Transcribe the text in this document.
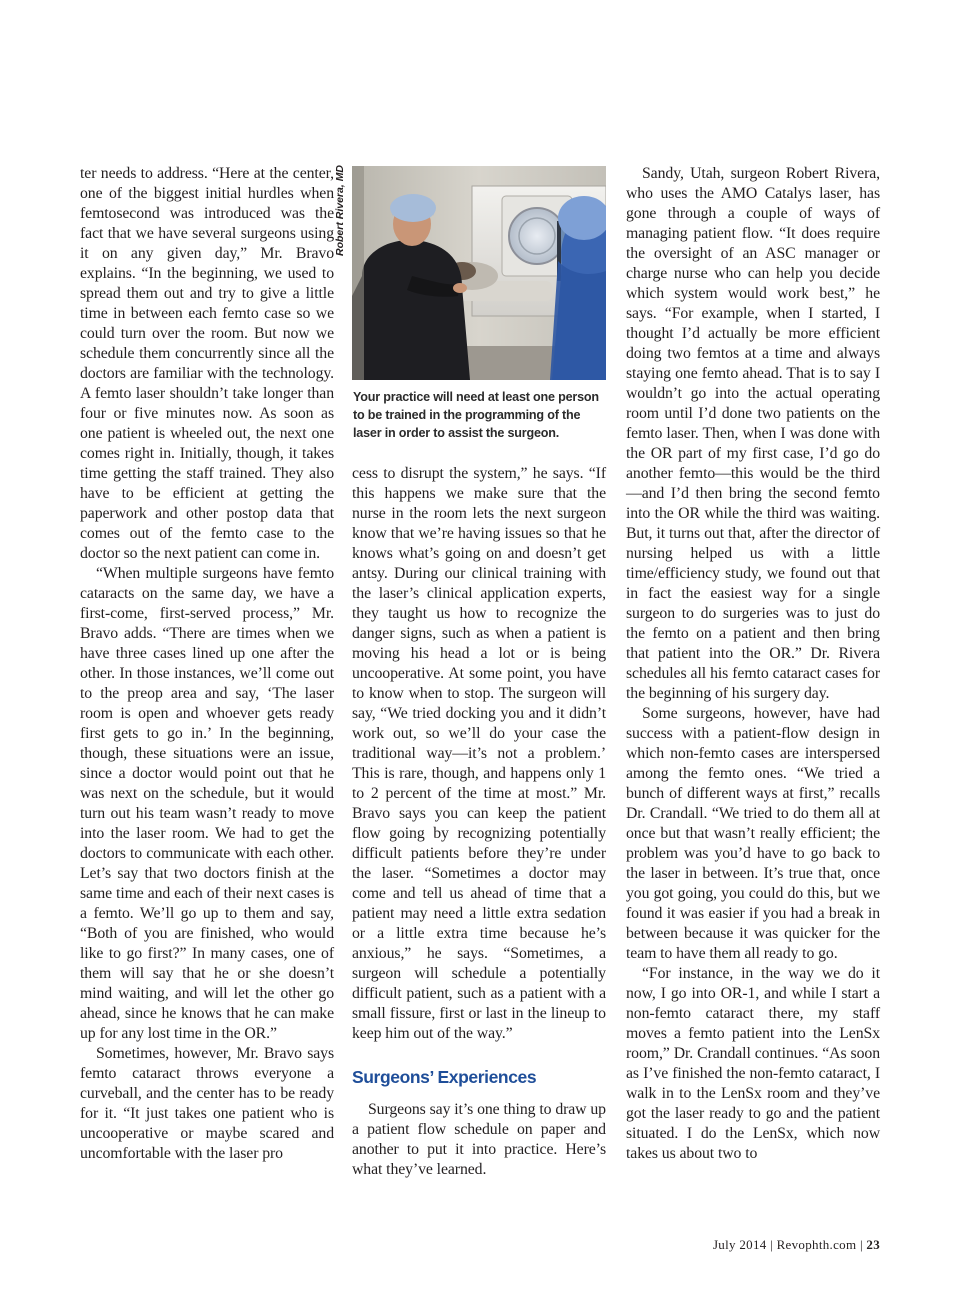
ter needs to address. “Here at the center, one of the biggest initial hurdles when femtosecond was introduced was the fact that we have several surgeons using it on any given day,” Mr. Bravo explains. “In the beginning, we used to spread them out and try to give a little time in between each femto case so we could turn over the room. But now we schedule them concurrently since all the doctors are familiar with the technology. A femto laser shouldn’t take longer than four or five minutes now. As soon as one patient is wheeled out, the next one comes right in. Initially, though, it takes time getting the staff trained. They also have to be efficient at getting the paperwork and other postop data that comes out of the femto case to the doctor so the next patient can come in.

“When multiple surgeons have femto cataracts on the same day, we have a first-come, first-served process,” Mr. Bravo adds. “There are times when we have three cases lined up one after the other. In those instances, we’ll come out to the preop area and say, ‘The laser room is open and whoever gets ready first gets to go in.’ In the beginning, though, these situations were an issue, since a doctor would point out that he was next on the schedule, but it would turn out his team wasn’t ready to move into the laser room. We had to get the doctors to communicate with each other. Let’s say that two doctors finish at the same time and each of their next cases is a femto. We’ll go up to them and say, “Both of you are finished, who would like to go first?” In many cases, one of them will say that he or she doesn’t mind waiting, and will let the other go ahead, since he knows that he can make up for any lost time in the OR.”

Sometimes, however, Mr. Bravo says femto cataract throws everyone a curveball, and the center has to be ready for it. “It just takes one patient who is uncooperative or maybe scared and uncomfortable with the laser pro

Robert Rivera, MD
Your practice will need at least one person to be trained in the programming of the laser in order to assist the surgeon.

cess to disrupt the system,” he says. “If this happens we make sure that the nurse in the room lets the next surgeon know that we’re having issues so that he knows what’s going on and doesn’t get antsy. During our clinical training with the laser’s clinical application experts, they taught us how to recognize the danger signs, such as when a patient is moving his head a lot or is being uncooperative. At some point, you have to know when to stop. The surgeon will say, “We tried docking you and it didn’t work out, so we’ll do your case the traditional way—it’s not a problem.’ This is rare, though, and happens only 1 to 2 percent of the time at most.” Mr. Bravo says you can keep the patient flow going by recognizing potentially difficult patients before they’re under the laser. “Sometimes a doctor may come and tell us ahead of time that a patient may need a little extra sedation or a little extra time because he’s anxious,” he says. “Sometimes, a surgeon will schedule a potentially difficult patient, such as a patient with a small fissure, first or last in the lineup to keep him out of the way.”

Surgeons’ Experiences

Surgeons say it’s one thing to draw up a patient flow schedule on paper and another to put it into practice. Here’s what they’ve learned.

Sandy, Utah, surgeon Robert Rivera, who uses the AMO Catalys laser, has gone through a couple of ways of managing patient flow. “It does require the oversight of an ASC manager or charge nurse who can help you decide which system would work best,” he says. “For example, when I started, I thought I’d actually be more efficient doing two femtos at a time and always staying one femto ahead. That is to say I wouldn’t go into the actual operating room until I’d done two patients on the femto laser. Then, when I was done with the OR part of my first case, I’d go do another femto—this would be the third—and I’d then bring the second femto into the OR while the third was waiting. But, it turns out that, after the director of nursing helped us with a little time/efficiency study, we found out that in fact the easiest way for a single surgeon to do surgeries was to just do the femto on a patient and then bring that patient into the OR.” Dr. Rivera schedules all his femto cataract cases for the beginning of his surgery day.

Some surgeons, however, have had success with a patient-flow design in which non-femto cases are interspersed among the femto ones. “We tried a bunch of different ways at first,” recalls Dr. Crandall. “We tried to do them all at once but that wasn’t really efficient; the problem was you’d have to go back to the laser in between. It’s true that, once you got going, you could do this, but we found it was easier if you had a break in between because it was quicker for the team to have them all ready to go.

“For instance, in the way we do it now, I go into OR-1, and while I start a non-femto cataract there, my staff moves a femto patient into the LenSx room,” Dr. Crandall continues. “As soon as I’ve finished the non-femto cataract, I walk in to the LenSx room and they’ve got the laser ready to go and the patient situated. I do the LenSx, which now takes us about two to

July 2014 | Revophth.com | 23
